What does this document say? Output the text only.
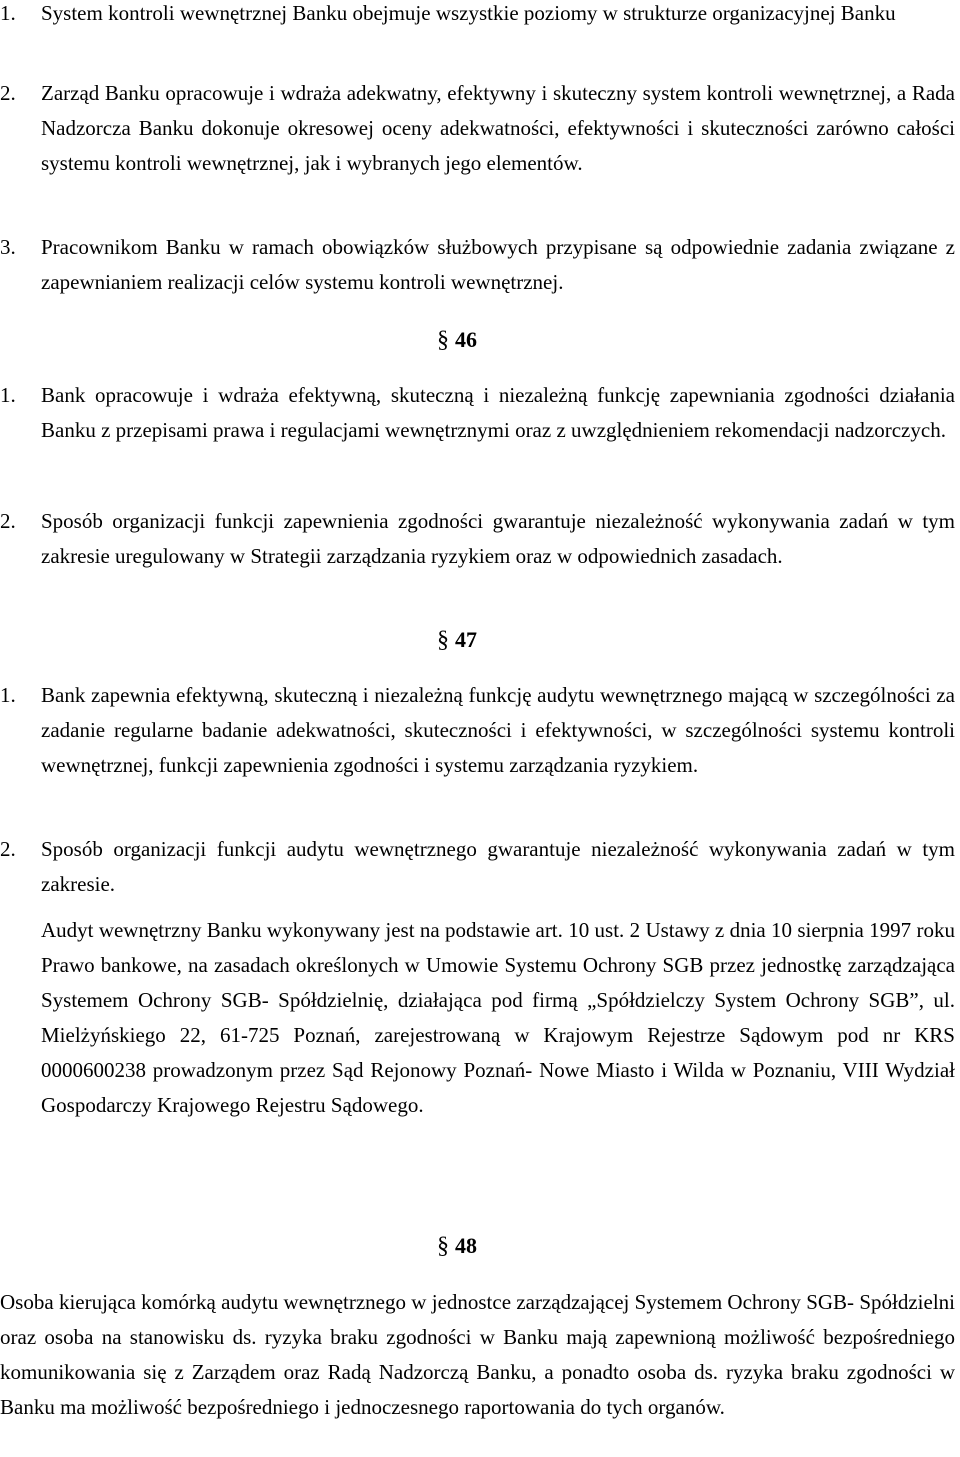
1.	System kontroli wewnętrznej Banku obejmuje wszystkie poziomy w strukturze organizacyjnej Banku
2.	Zarząd Banku opracowuje i wdraża adekwatny, efektywny i skuteczny system kontroli wewnętrznej, a Rada Nadzorcza Banku dokonuje okresowej oceny adekwatności, efektywności i skuteczności zarówno całości systemu kontroli wewnętrznej, jak i wybranych jego elementów.
3.	Pracownikom Banku w ramach obowiązków służbowych przypisane są odpowiednie zadania związane z zapewnianiem realizacji celów systemu kontroli wewnętrznej.
§ 46
1.	Bank opracowuje i wdraża efektywną, skuteczną i niezależną funkcję zapewniania zgodności działania Banku z przepisami prawa i regulacjami wewnętrznymi oraz z uwzględnieniem rekomendacji nadzorczych.
2.	Sposób organizacji funkcji zapewnienia zgodności gwarantuje niezależność wykonywania zadań w tym zakresie uregulowany w Strategii zarządzania ryzykiem oraz w odpowiednich zasadach.
§ 47
1.	Bank zapewnia efektywną, skuteczną i niezależną funkcję audytu wewnętrznego mającą w szczególności za zadanie regularne badanie adekwatności, skuteczności i efektywności, w szczególności systemu kontroli wewnętrznej, funkcji zapewnienia zgodności i systemu zarządzania ryzykiem.
2.	Sposób organizacji funkcji audytu wewnętrznego gwarantuje niezależność wykonywania zadań w tym zakresie.
Audyt wewnętrzny Banku wykonywany jest na podstawie art. 10 ust. 2 Ustawy z dnia 10 sierpnia 1997 roku Prawo bankowe, na zasadach określonych w Umowie Systemu Ochrony SGB przez jednostkę zarządzająca Systemem Ochrony SGB- Spółdzielnię, działająca pod firmą „Spółdzielczy System Ochrony SGB”, ul. Mielżyńskiego 22, 61-725 Poznań, zarejestrowaną w Krajowym Rejestrze Sądowym pod nr KRS 0000600238 prowadzonym przez Sąd Rejonowy Poznań- Nowe Miasto i Wilda w Poznaniu, VIII Wydział Gospodarczy Krajowego Rejestru Sądowego.
§ 48
Osoba kierująca komórką audytu wewnętrznego w jednostce zarządzającej Systemem Ochrony SGB- Spółdzielni oraz osoba na stanowisku ds. ryzyka braku zgodności w Banku mają zapewnioną możliwość bezpośredniego komunikowania się z Zarządem oraz Radą Nadzorczą Banku, a ponadto osoba ds. ryzyka braku zgodności w Banku ma możliwość bezpośredniego i jednoczesnego raportowania do tych organów.
